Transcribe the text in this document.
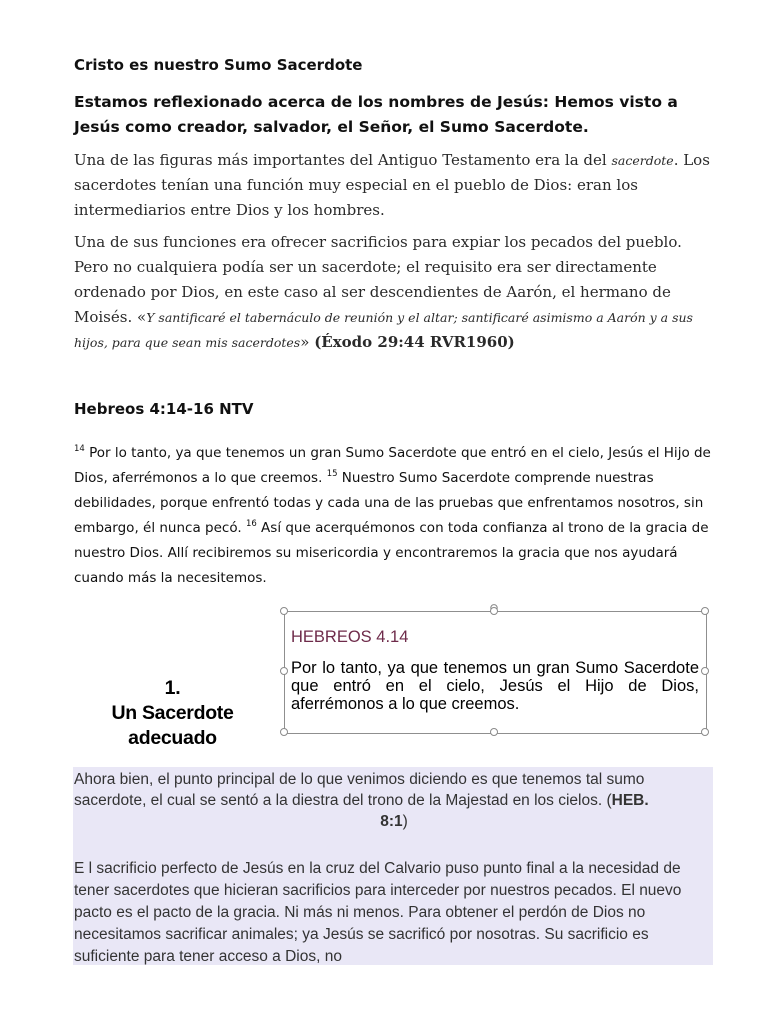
Cristo es nuestro Sumo Sacerdote
Estamos reflexionado acerca de los nombres de Jesús: Hemos visto a Jesús como creador, salvador, el Señor, el Sumo Sacerdote.
Una de las figuras más importantes del Antiguo Testamento era la del sacerdote. Los sacerdotes tenían una función muy especial en el pueblo de Dios: eran los intermediarios entre Dios y los hombres.
Una de sus funciones era ofrecer sacrificios para expiar los pecados del pueblo. Pero no cualquiera podía ser un sacerdote; el requisito era ser directamente ordenado por Dios, en este caso al ser descendientes de Aarón, el hermano de Moisés. «Y santificaré el tabernáculo de reunión y el altar; santificaré asimismo a Aarón y a sus hijos, para que sean mis sacerdotes» (Éxodo 29:44 RVR1960)
Hebreos 4:14-16 NTV
$^{14}$ Por lo tanto, ya que tenemos un gran Sumo Sacerdote que entró en el cielo, Jesús el Hijo de Dios, aferrémonos a lo que creemos. $^{15}$ Nuestro Sumo Sacerdote comprende nuestras debilidades, porque enfrentó todas y cada una de las pruebas que enfrentamos nosotros, sin embargo, él nunca pecó. $^{16}$ Así que acerquémonos con toda confianza al trono de la gracia de nuestro Dios. Allí recibiremos su misericordia y encontraremos la gracia que nos ayudará cuando más la necesitemos.
1.
Un Sacerdote
adecuado
HEBREOS 4.14
Por lo tanto, ya que tenemos un gran Sumo Sacerdote que entró en el cielo, Jesús el Hijo de Dios, aferrémonos a lo que creemos.
Ahora bien, el punto principal de lo que venimos diciendo es que tenemos tal sumo sacerdote, el cual se sentó a la diestra del trono de la Majestad en los cielos. (HEB.
8:1)
E l sacrificio perfecto de Jesús en la cruz del Calvario puso punto final a la necesidad de tener sacerdotes que hicieran sacrificios para interceder por nuestros pecados. El nuevo pacto es el pacto de la gracia. Ni más ni menos. Para obtener el perdón de Dios no necesitamos sacrificar animales; ya Jesús se sacrificó por nosotras. Su sacrificio es suficiente para tener acceso a Dios, no
